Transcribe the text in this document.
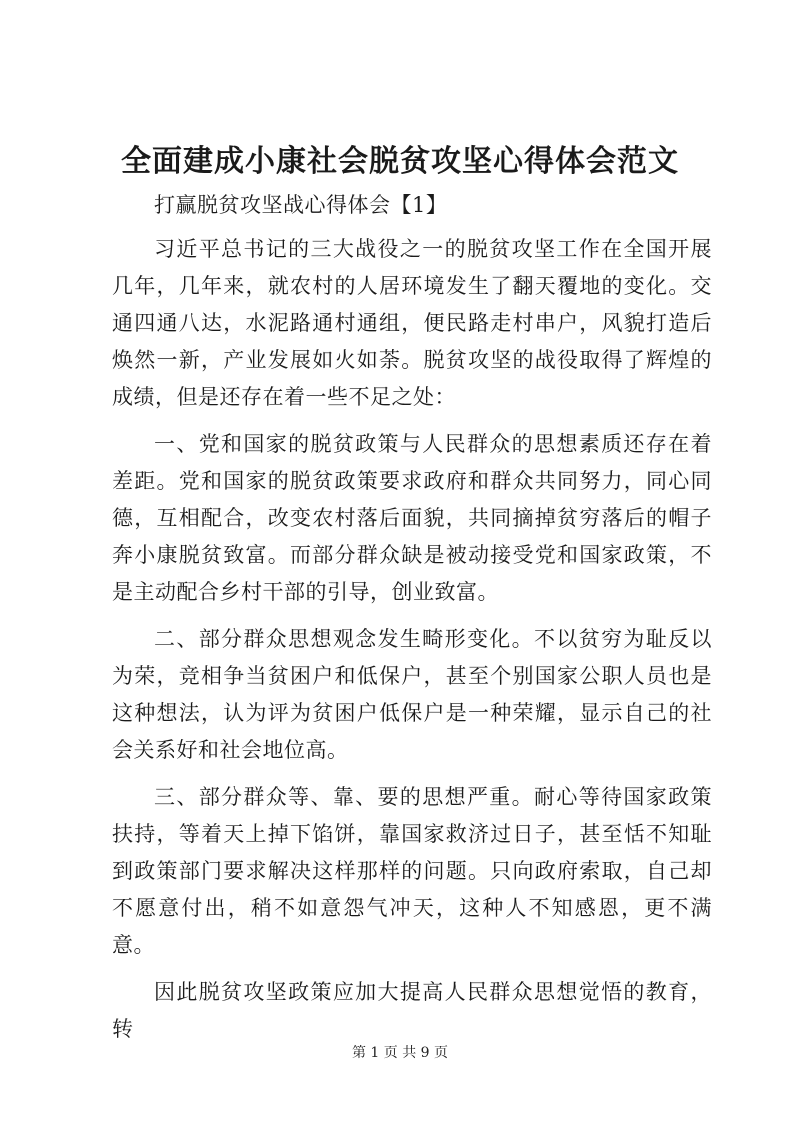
全面建成小康社会脱贫攻坚心得体会范文

打赢脱贫攻坚战心得体会【1】

习近平总书记的三大战役之一的脱贫攻坚工作在全国开展几年，几年来，就农村的人居环境发生了翻天覆地的变化。交通四通八达，水泥路通村通组，便民路走村串户，风貌打造后焕然一新，产业发展如火如荼。脱贫攻坚的战役取得了辉煌的成绩，但是还存在着一些不足之处：

一、党和国家的脱贫政策与人民群众的思想素质还存在着差距。党和国家的脱贫政策要求政府和群众共同努力，同心同德，互相配合，改变农村落后面貌，共同摘掉贫穷落后的帽子奔小康脱贫致富。而部分群众缺是被动接受党和国家政策，不是主动配合乡村干部的引导，创业致富。

二、部分群众思想观念发生畸形变化。不以贫穷为耻反以为荣，竞相争当贫困户和低保户，甚至个别国家公职人员也是这种想法，认为评为贫困户低保户是一种荣耀，显示自己的社会关系好和社会地位高。

三、部分群众等、靠、要的思想严重。耐心等待国家政策扶持，等着天上掉下馅饼，靠国家救济过日子，甚至恬不知耻到政策部门要求解决这样那样的问题。只向政府索取，自己却不愿意付出，稍不如意怨气冲天，这种人不知感恩，更不满意。

因此脱贫攻坚政策应加大提高人民群众思想觉悟的教育，转

第 1 页 共 9 页
